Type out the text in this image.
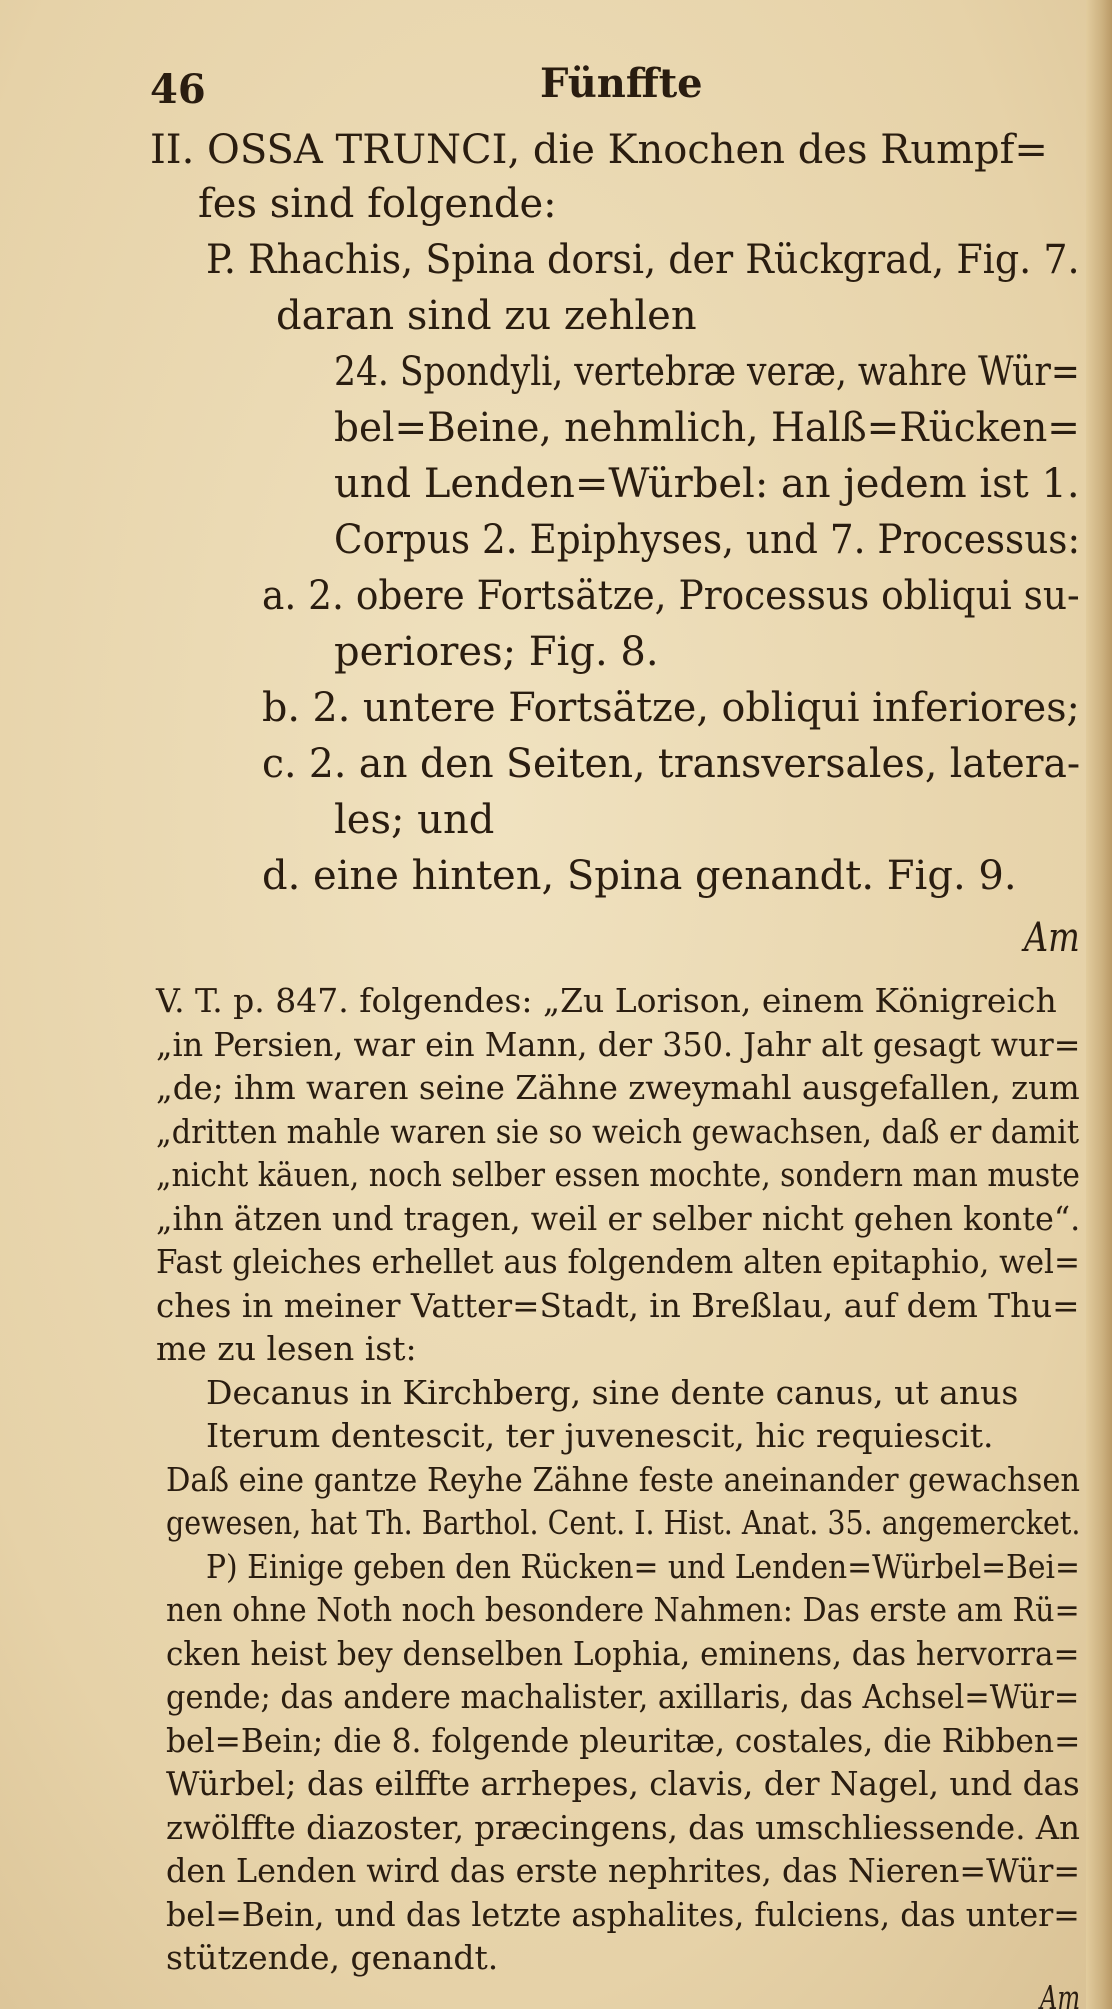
46	Fünffte
II. OSSA TRUNCI, die Knochen des Rumpf=
fes sind folgende:
P. Rhachis, Spina dorsi, der Rückgrad, Fig. 7.
daran sind zu zehlen
24. Spondyli, vertebræ veræ, wahre Wür=
bel=Beine, nehmlich, Halß=Rücken=
und Lenden=Würbel: an jedem ist 1.
Corpus 2. Epiphyses, und 7. Processus:
a. 2. obere Fortsätze, Processus obliqui su-
periores; Fig. 8.
b. 2. untere Fortsätze, obliqui inferiores;
c. 2. an den Seiten, transversales, latera-
les; und
d. eine hinten, Spina genandt. Fig. 9.
Am
V. T. p. 847. folgendes: „Zu Lorison, einem Königreich
„in Persien, war ein Mann, der 350. Jahr alt gesagt wur=
„de; ihm waren seine Zähne zweymahl ausgefallen, zum
„dritten mahle waren sie so weich gewachsen, daß er damit
„nicht käuen, noch selber essen mochte, sondern man muste
„ihn ätzen und tragen, weil er selber nicht gehen konte“.
Fast gleiches erhellet aus folgendem alten epitaphio, wel=
ches in meiner Vatter=Stadt, in Breßlau, auf dem Thu=
me zu lesen ist:
Decanus in Kirchberg, sine dente canus, ut anus
Iterum dentescit, ter juvenescit, hic requiescit.
Daß eine gantze Reyhe Zähne feste aneinander gewachsen
gewesen, hat Th. Barthol. Cent. I. Hist. Anat. 35. angemercket.
P) Einige geben den Rücken= und Lenden=Würbel=Bei=
nen ohne Noth noch besondere Nahmen: Das erste am Rü=
cken heist bey denselben Lophia, eminens, das hervorra=
gende; das andere machalister, axillaris, das Achsel=Wür=
bel=Bein; die 8. folgende pleuritæ, costales, die Ribben=
Würbel; das eilffte arrhepes, clavis, der Nagel, und das
zwölffte diazoster, præcingens, das umschliessende. An
den Lenden wird das erste nephrites, das Nieren=Wür=
bel=Bein, und das letzte asphalites, fulciens, das unter=
stützende, genandt.
Am
